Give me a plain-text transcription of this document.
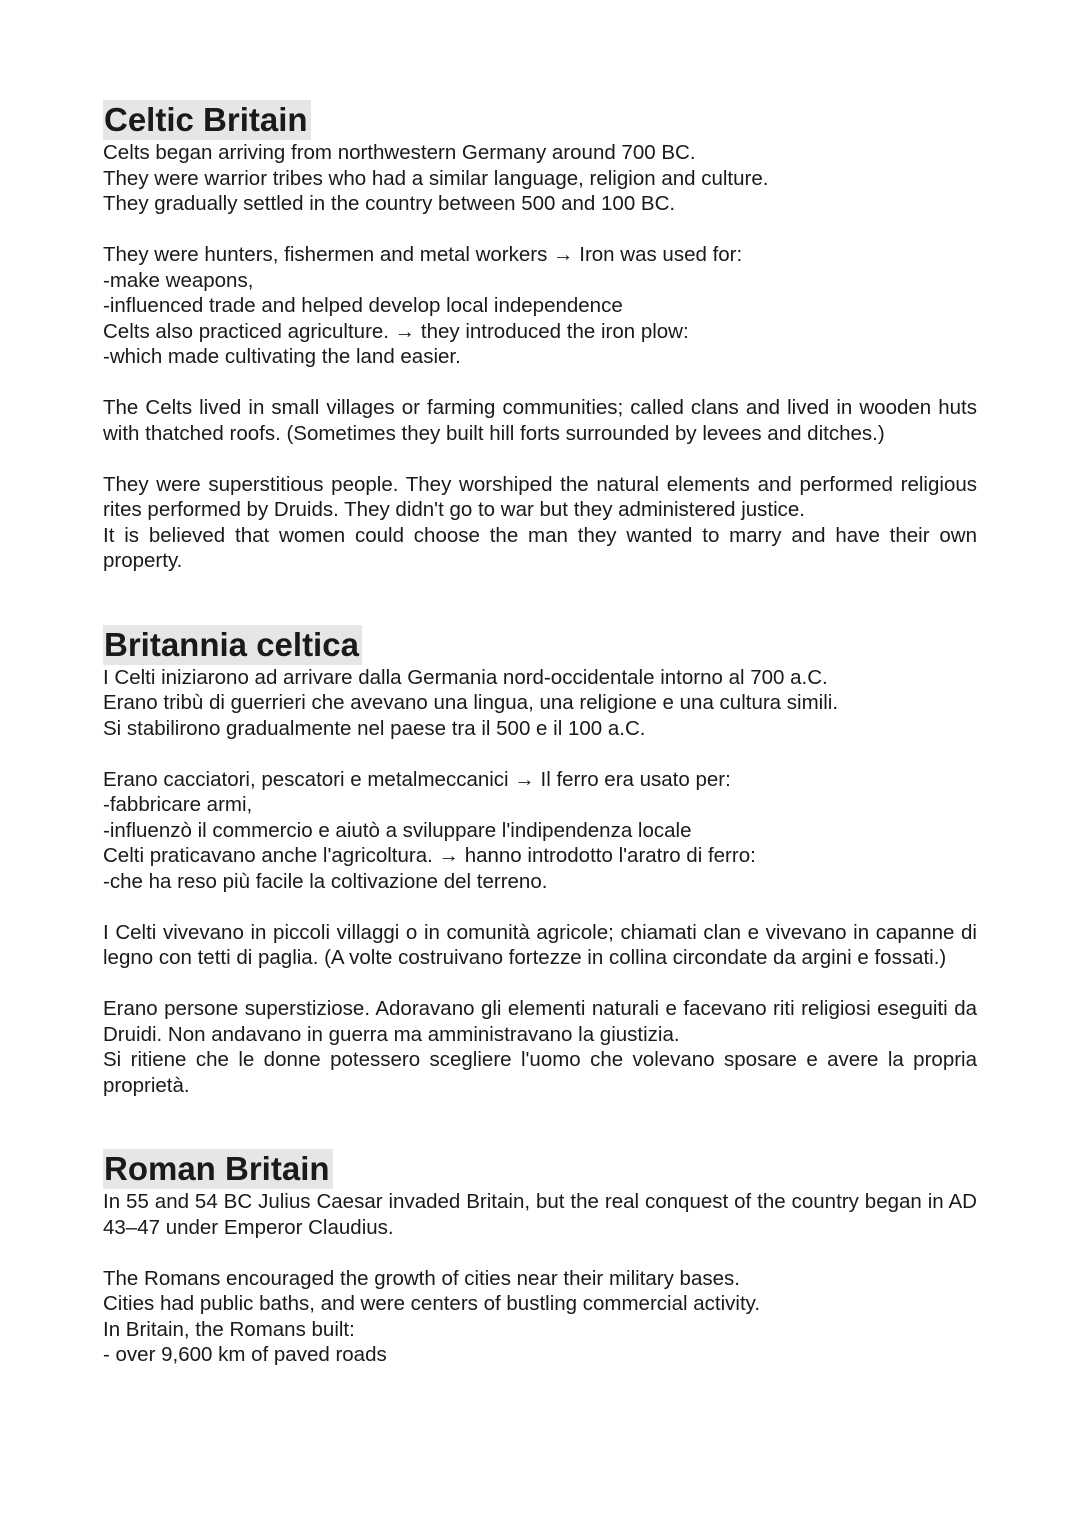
Celtic Britain

Celts began arriving from northwestern Germany around 700 BC.
They were warrior tribes who had a similar language, religion and culture.
They gradually settled in the country between 500 and 100 BC.

They were hunters, fishermen and metal workers → Iron was used for:
-make weapons,
-influenced trade and helped develop local independence
Celts also practiced agriculture. → they introduced the iron plow:
-which made cultivating the land easier.

The Celts lived in small villages or farming communities; called clans and lived in wooden huts with thatched roofs. (Sometimes they built hill forts surrounded by levees and ditches.)

They were superstitious people. They worshiped the natural elements and performed religious rites performed by Druids. They didn't go to war but they administered justice.

It is believed that women could choose the man they wanted to marry and have their own property.

Britannia celtica

I Celti iniziarono ad arrivare dalla Germania nord-occidentale intorno al 700 a.C.
Erano tribù di guerrieri che avevano una lingua, una religione e una cultura simili.
Si stabilirono gradualmente nel paese tra il 500 e il 100 a.C.

Erano cacciatori, pescatori e metalmeccanici → Il ferro era usato per:
-fabbricare armi,
-influenzò il commercio e aiutò a sviluppare l'indipendenza locale
Celti praticavano anche l'agricoltura. → hanno introdotto l'aratro di ferro:
-che ha reso più facile la coltivazione del terreno.

I Celti vivevano in piccoli villaggi o in comunità agricole; chiamati clan e vivevano in capanne di legno con tetti di paglia. (A volte costruivano fortezze in collina circondate da argini e fossati.)

Erano persone superstiziose. Adoravano gli elementi naturali e facevano riti religiosi eseguiti da Druidi. Non andavano in guerra ma amministravano la giustizia.

Si ritiene che le donne potessero scegliere l'uomo che volevano sposare e avere la propria proprietà.

Roman Britain

In 55 and 54 BC Julius Caesar invaded Britain, but the real conquest of the country began in AD 43–47 under Emperor Claudius.

The Romans encouraged the growth of cities near their military bases.
Cities had public baths, and were centers of bustling commercial activity.
In Britain, the Romans built:
- over 9,600 km of paved roads
